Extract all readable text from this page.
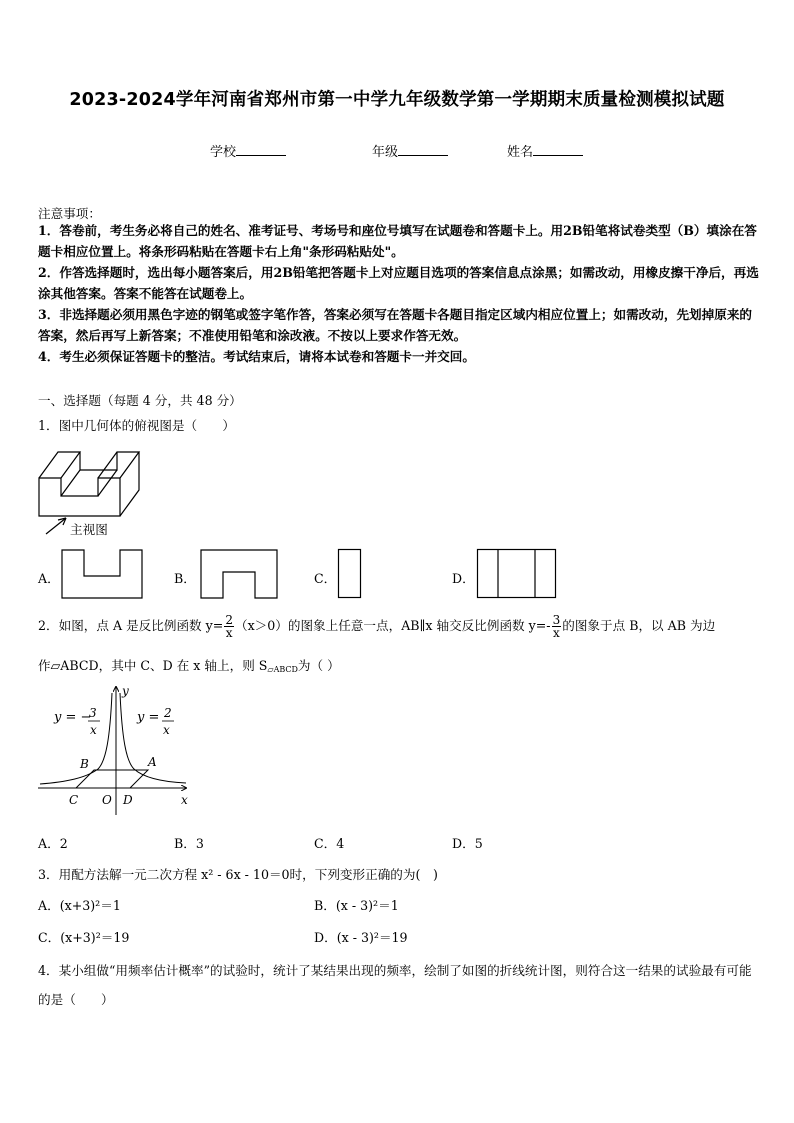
2023-2024学年河南省郑州市第一中学九年级数学第一学期期末质量检测模拟试题
学校	年级	姓名
注意事项：
1．答卷前，考生务必将自己的姓名、准考证号、考场号和座位号填写在试题卷和答题卡上。用2B铅笔将试卷类型（B）填涂在答题卡相应位置上。将条形码粘贴在答题卡右上角"条形码粘贴处"。
2．作答选择题时，选出每小题答案后，用2B铅笔把答题卡上对应题目选项的答案信息点涂黑；如需改动，用橡皮擦干净后，再选涂其他答案。答案不能答在试题卷上。
3．非选择题必须用黑色字迹的钢笔或签字笔作答，答案必须写在答题卡各题目指定区域内相应位置上；如需改动，先划掉原来的答案，然后再写上新答案；不准使用铅笔和涂改液。不按以上要求作答无效。
4．考生必须保证答题卡的整洁。考试结束后，请将本试卷和答题卡一并交回。
一、选择题（每题 4 分，共 48 分）
1．图中几何体的俯视图是（　　）
主视图
A．	B．	C．	D．
2．如图，点 A 是反比例函数 $y= \frac{2}{x} (x>0)$的图象上任意一点，AB∥x 轴交反比例函数 $y=- \frac{3}{x}$ 的图象于点 B，以 AB 为边
作▱ABCD，其中 C、D 在 x 轴上，则 $S_{▱ABCD}$为（ ）
y = −
3
x
y = 2
x
y
x
B	A
C O D
A．2	B．3	C．4	D．5
3．用配方法解一元二次方程 x² - 6x - 10＝0时，下列变形正确的为(　)
A．(x+3)²＝1	B．(x - 3)²＝1
C．(x+3)²＝19	D．(x - 3)²＝19
4．某小组做“用频率估计概率”的试验时，统计了某结果出现的频率，绘制了如图的折线统计图，则符合这一结果的试验最有可能的是（　　）
